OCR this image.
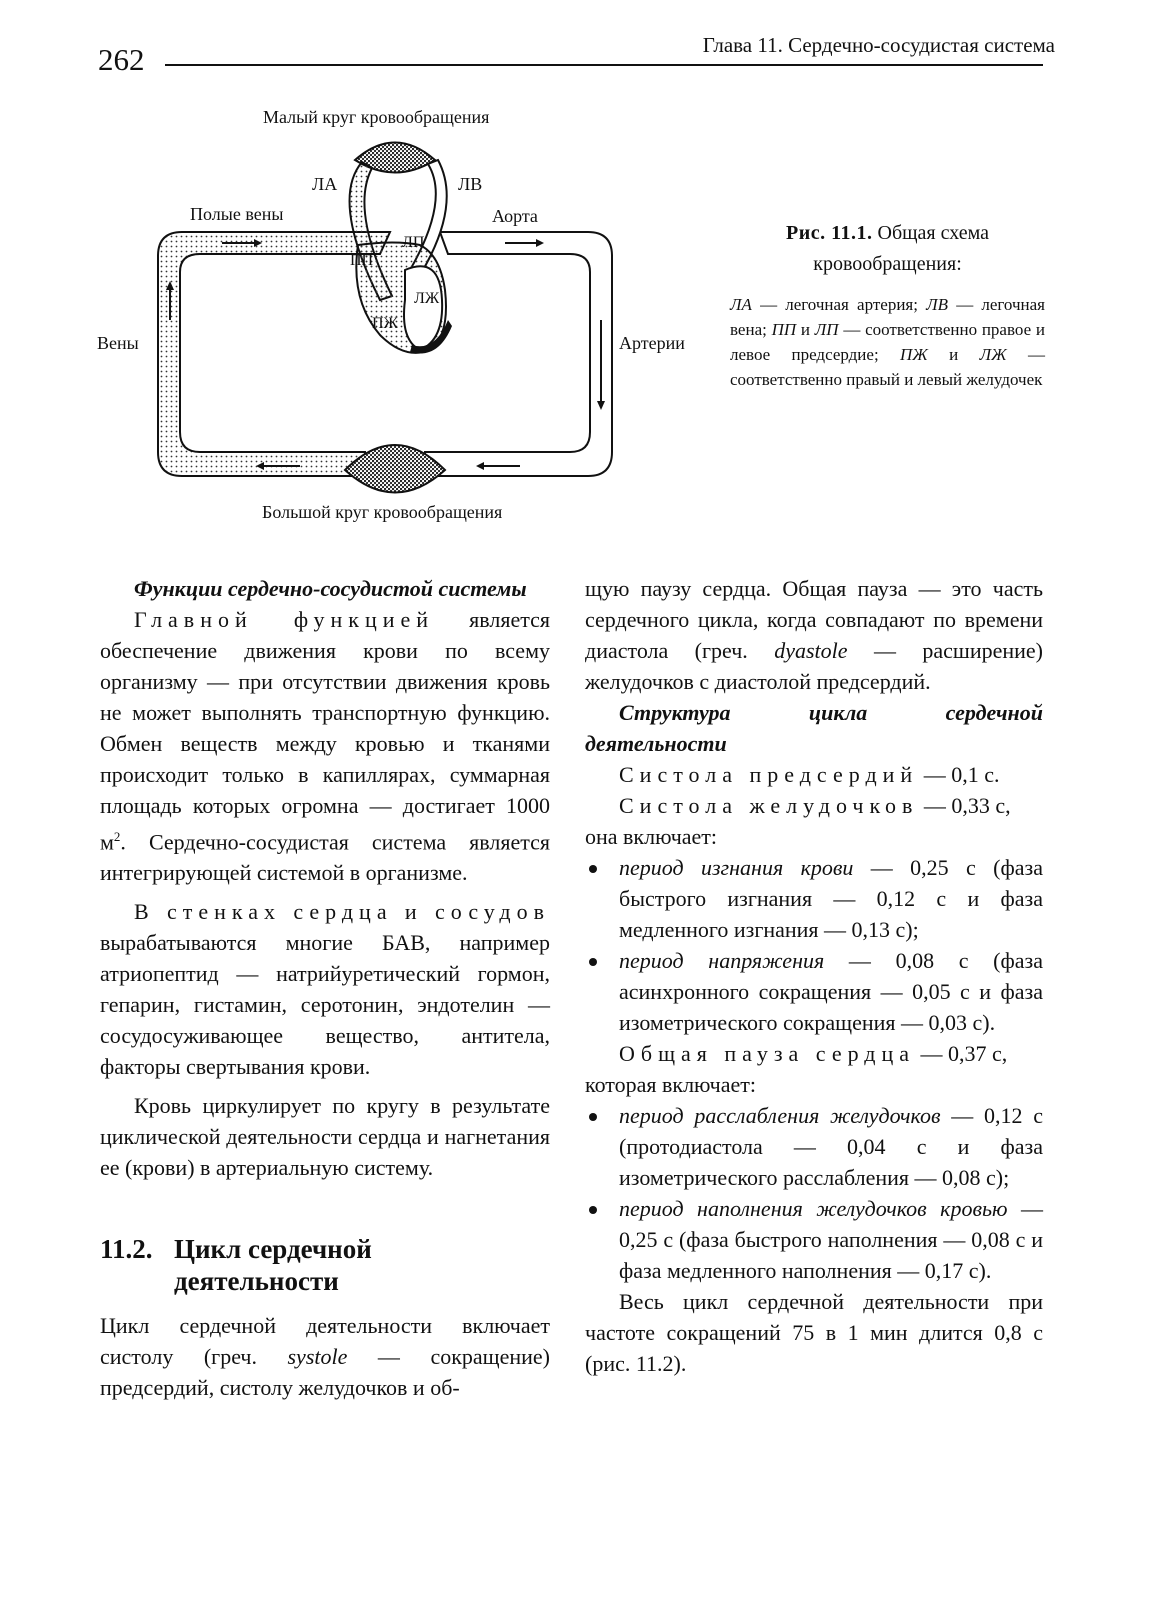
262	Глава 11. Сердечно-сосудистая система
Малый круг кровообращения
ЛА	ЛВ
Полые вены	Аорта
Вены	Артерии
ПП
ЛП
ПЖ
ЛЖ
Большой круг кровообращения

Рис. 11.1. Общая схема кровообращения:

ЛА — легочная артерия; ЛВ — легочная вена; ПП и ЛП — соответственно правое и левое предсердие; ПЖ и ЛЖ — соответственно правый и левый желудочек

Функции сердечно-сосудистой системы

Главной функцией является обеспечение движения крови по всему организму — при отсутствии движения кровь не может выполнять транспортную функцию. Обмен веществ между кровью и тканями происходит только в капиллярах, суммарная площадь которых огромна — достигает 1000 $м^2$. Сердечно-сосудистая система является интегрирующей системой в организме.

В стенках сердца и сосудов вырабатываются многие БАВ, например атриопептид — натрийуретический гормон, гепарин, гистамин, серотонин, эндотелин — сосудосуживающее вещество, антитела, факторы свертывания крови.

Кровь циркулирует по кругу в результате циклической деятельности сердца и нагнетания ее (крови) в артериальную систему.

11.2. Цикл сердечной
деятельности

Цикл сердечной деятельности включает систолу (греч. systole — сокращение) предсердий, систолу желудочков и об-

щую паузу сердца. Общая пауза — это часть сердечного цикла, когда совпадают по времени диастола (греч. dyastole — расширение) желудочков с диастолой предсердий.

Структура цикла сердечной деятельности

Систола предсердий — 0,1 с.

Систола желудочков — 0,33 с,

она включает:

период изгнания крови — 0,25 с (фаза быстрого изгнания — 0,12 с и фаза медленного изгнания — 0,13 с);
период напряжения — 0,08 с (фаза асинхронного сокращения — 0,05 с и фаза изометрического сокращения — 0,03 с).

Общая пауза сердца — 0,37 с,

которая включает:

период расслабления желудочков — 0,12 с (протодиастола — 0,04 с и фаза изометрического расслабления — 0,08 с);
период наполнения желудочков кровью — 0,25 с (фаза быстрого наполнения — 0,08 с и фаза медленного наполнения — 0,17 с).

Весь цикл сердечной деятельности при частоте сокращений 75 в 1 мин длится 0,8 с (рис. 11.2).
